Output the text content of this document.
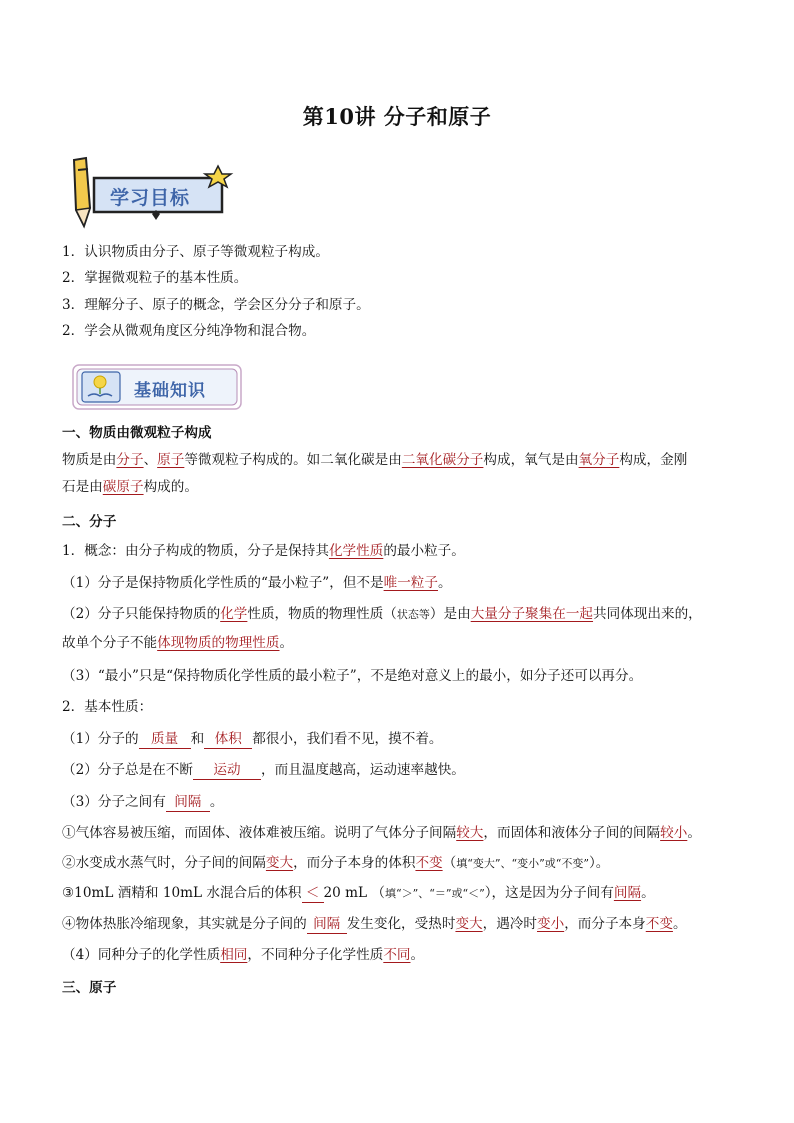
第10讲 分子和原子
学习目标
1．认识物质由分子、原子等微观粒子构成。
2．掌握微观粒子的基本性质。
3．理解分子、原子的概念，学会区分分子和原子。
2．学会从微观角度区分纯净物和混合物。
基础知识
一、物质由微观粒子构成
物质是由分子、原子等微观粒子构成的。如二氧化碳是由二氧化碳分子构成，氧气是由氧分子构成，金刚
石是由碳原子构成的。
二、分子
1．概念：由分子构成的物质，分子是保持其化学性质的最小粒子。
（1）分子是保持物质化学性质的“最小粒子”，但不是唯一粒子。
（2）分子只能保持物质的化学性质，物质的物理性质（状态等）是由大量分子聚集在一起共同体现出来的，
故单个分子不能体现物质的物理性质。
（3）“最小”只是“保持物质化学性质的最小粒子”，不是绝对意义上的最小，如分子还可以再分。
2．基本性质：
（1）分子的 质量 和 体积 都很小，我们看不见，摸不着。
（2）分子总是在不断 运动 ，而且温度越高，运动速率越快。
（3）分子之间有 间隔 。
①气体容易被压缩，而固体、液体难被压缩。说明了气体分子间隔较大，而固体和液体分子间的间隔较小。
②水变成水蒸气时，分子间的间隔变大，而分子本身的体积不变（填“变大”、“变小”或“不变”）。
③10mL 酒精和 10mL 水混合后的体积 ＜ 20 mL （填“＞”、“＝”或“＜”），这是因为分子间有间隔。
④物体热胀冷缩现象，其实就是分子间的 间隔 发生变化，受热时变大，遇冷时变小，而分子本身不变。
（4）同种分子的化学性质相同，不同种分子化学性质不同。
三、原子
